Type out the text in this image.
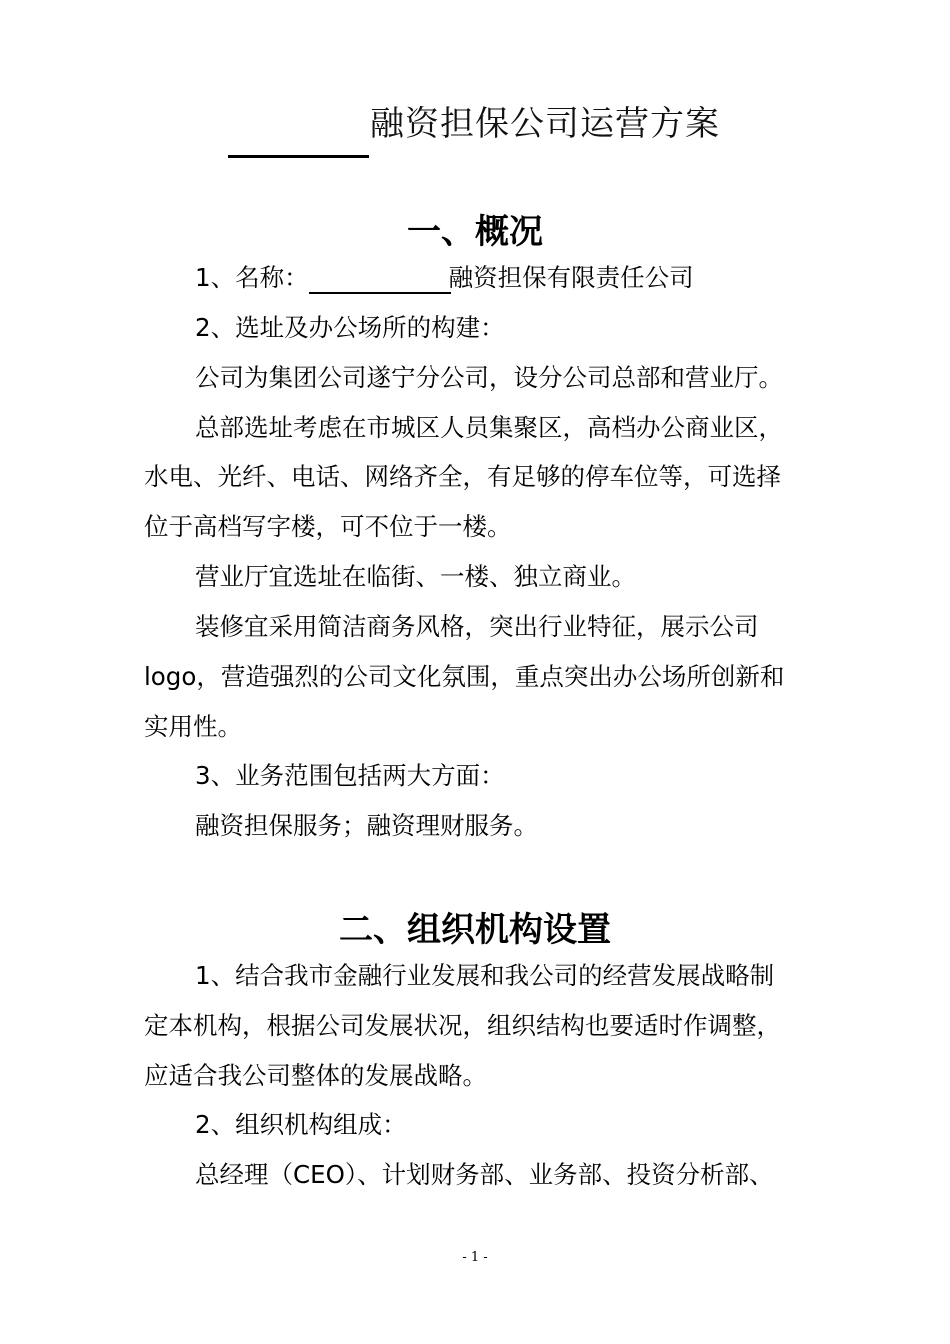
融资担保公司运营方案
一、概况
1、名称：	融资担保有限责任公司
2、选址及办公场所的构建：
公司为集团公司遂宁分公司，设分公司总部和营业厅。
总部选址考虑在市城区人员集聚区，高档办公商业区，
水电、光纤、电话、网络齐全，有足够的停车位等，可选择
位于高档写字楼，可不位于一楼。
营业厅宜选址在临街、一楼、独立商业。
装修宜采用简洁商务风格，突出行业特征，展示公司
logo，营造强烈的公司文化氛围，重点突出办公场所创新和
实用性。
3、业务范围包括两大方面：
融资担保服务；融资理财服务。
二、组织机构设置
1、结合我市金融行业发展和我公司的经营发展战略制
定本机构，根据公司发展状况，组织结构也要适时作调整，
应适合我公司整体的发展战略。
2、组织机构组成：
总经理（CEO）、计划财务部、业务部、投资分析部、
- 1 -
